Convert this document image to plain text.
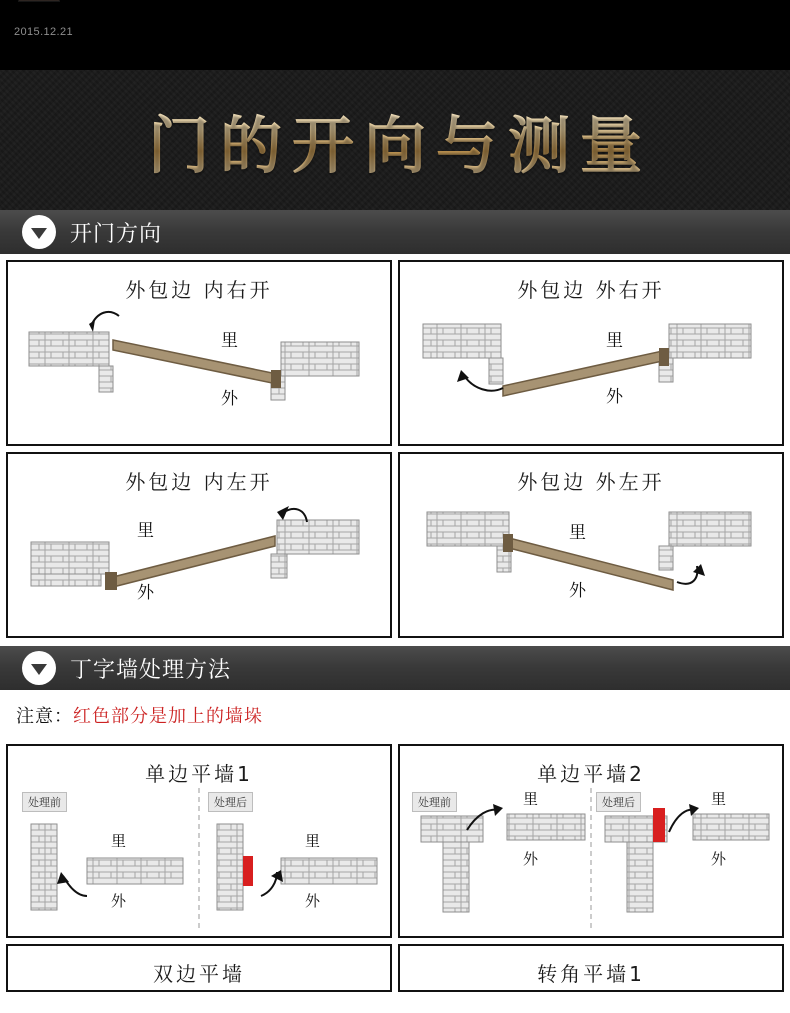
2015.12.21
门的开向与测量
开门方向
外包边 内右开
里
外
外包边 外右开
里
外
外包边 内左开
里
外
外包边 外左开
里
外
丁字墙处理方法
注意：红色部分是加上的墙垛
单边平墙1
里
外
里
外
处理前	处理后
单边平墙2
里
外
里
外
处理前	处理后
双边平墙	转角平墙1
